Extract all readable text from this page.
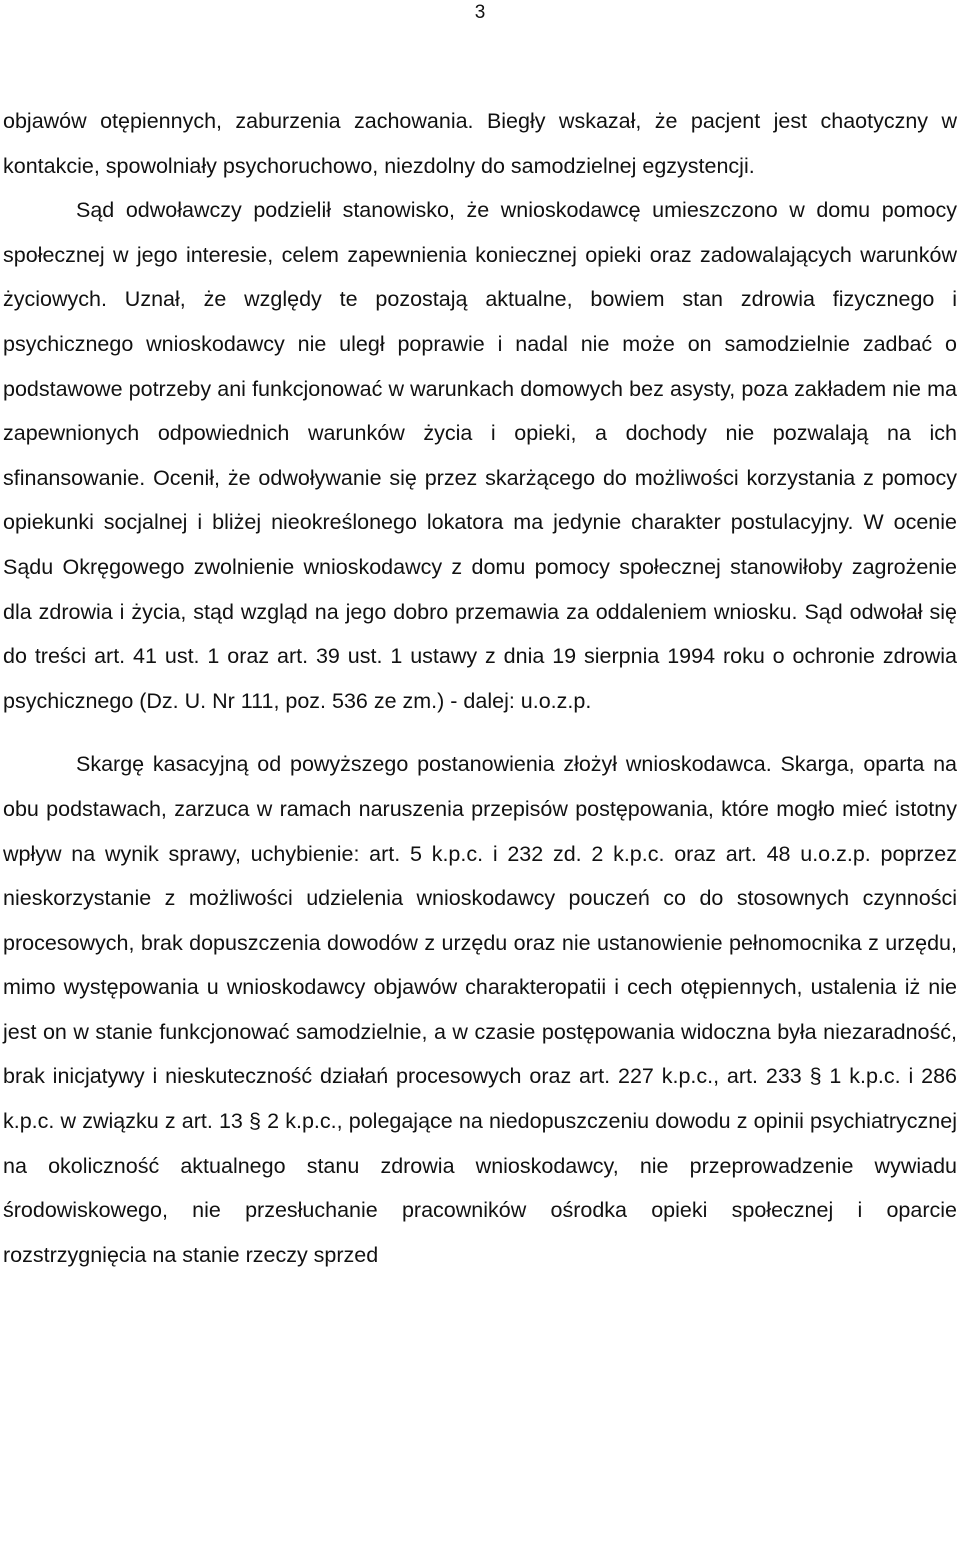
3

objawów otępiennych, zaburzenia zachowania. Biegły wskazał, że pacjent jest chaotyczny w kontakcie, spowolniały psychoruchowo, niezdolny do samodzielnej egzystencji.

Sąd odwoławczy podzielił stanowisko, że wnioskodawcę umieszczono w domu pomocy społecznej w jego interesie, celem zapewnienia koniecznej opieki oraz zadowalających warunków życiowych. Uznał, że względy te pozostają aktualne, bowiem stan zdrowia fizycznego i psychicznego wnioskodawcy nie uległ poprawie i nadal nie może on samodzielnie zadbać o podstawowe potrzeby ani funkcjonować w warunkach domowych bez asysty, poza zakładem nie ma zapewnionych odpowiednich warunków życia i opieki, a dochody nie pozwalają na ich sfinansowanie. Ocenił, że odwoływanie się przez skarżącego do możliwości korzystania z pomocy opiekunki socjalnej i bliżej nieokreślonego lokatora ma jedynie charakter postulacyjny. W ocenie Sądu Okręgowego zwolnienie wnioskodawcy z domu pomocy społecznej stanowiłoby zagrożenie dla zdrowia i życia, stąd wzgląd na jego dobro przemawia za oddaleniem wniosku. Sąd odwołał się do treści art. 41 ust. 1 oraz art. 39 ust. 1 ustawy z dnia 19 sierpnia 1994 roku o ochronie zdrowia psychicznego (Dz. U. Nr 111, poz. 536 ze zm.) - dalej: u.o.z.p.

Skargę kasacyjną od powyższego postanowienia złożył wnioskodawca. Skarga, oparta na obu podstawach, zarzuca w ramach naruszenia przepisów postępowania, które mogło mieć istotny wpływ na wynik sprawy, uchybienie: art. 5 k.p.c. i 232 zd. 2 k.p.c. oraz art. 48 u.o.z.p. poprzez nieskorzystanie z możliwości udzielenia wnioskodawcy pouczeń co do stosownych czynności procesowych, brak dopuszczenia dowodów z urzędu oraz nie ustanowienie pełnomocnika z urzędu, mimo występowania u wnioskodawcy objawów charakteropatii i cech otępiennych, ustalenia iż nie jest on w stanie funkcjonować samodzielnie, a w czasie postępowania widoczna była niezaradność, brak inicjatywy i nieskuteczność działań procesowych oraz art. 227 k.p.c., art. 233 § 1 k.p.c. i 286 k.p.c. w związku z art. 13 § 2 k.p.c., polegające na niedopuszczeniu dowodu z opinii psychiatrycznej na okoliczność aktualnego stanu zdrowia wnioskodawcy, nie przeprowadzenie wywiadu środowiskowego, nie przesłuchanie pracowników ośrodka opieki społecznej i oparcie rozstrzygnięcia na stanie rzeczy sprzed
